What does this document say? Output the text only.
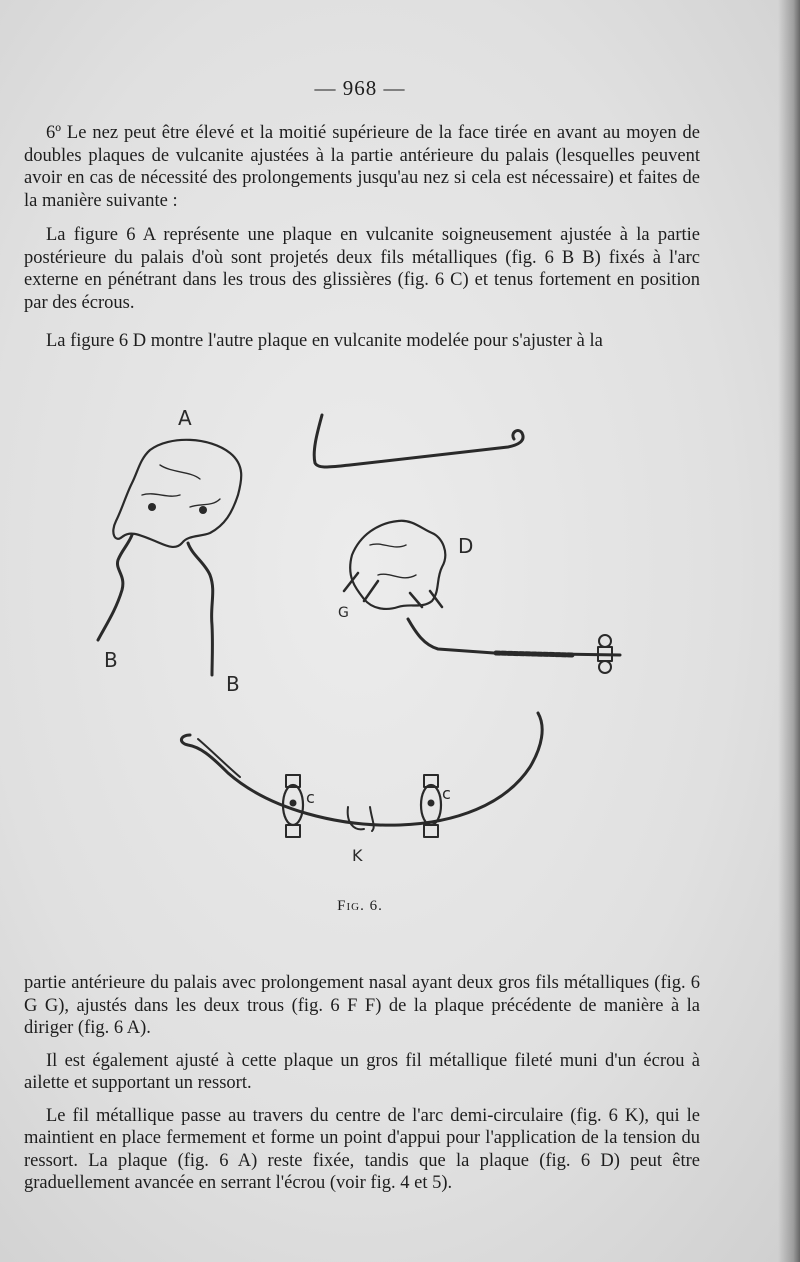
— 968 —

6º Le nez peut être élevé et la moitié supérieure de la face tirée en avant au moyen de doubles plaques de vulcanite ajustées à la partie antérieure du palais (lesquelles peuvent avoir en cas de nécessité des prolongements jusqu'au nez si cela est nécessaire) et faites de la manière suivante :

La figure 6 A représente une plaque en vulcanite soigneusement ajustée à la partie postérieure du palais d'où sont projetés deux fils métalliques (fig. 6 B B) fixés à l'arc externe en pénétrant dans les trous des glissières (fig. 6 C) et tenus fortement en position par des écrous.

La figure 6 D montre l'autre plaque en vulcanite modelée pour s'ajuster à la

A
B
B
D
G
c	c
K
Fig. 6.

partie antérieure du palais avec prolongement nasal ayant deux gros fils métalliques (fig. 6 G G), ajustés dans les deux trous (fig. 6 F F) de la plaque précédente de manière à la diriger (fig. 6 A).

Il est également ajusté à cette plaque un gros fil métallique fileté muni d'un écrou à ailette et supportant un ressort.

Le fil métallique passe au travers du centre de l'arc demi-circulaire (fig. 6 K), qui le maintient en place fermement et forme un point d'appui pour l'application de la tension du ressort. La plaque (fig. 6 A) reste fixée, tandis que la plaque (fig. 6 D) peut être graduellement avancée en serrant l'écrou (voir fig. 4 et 5).
